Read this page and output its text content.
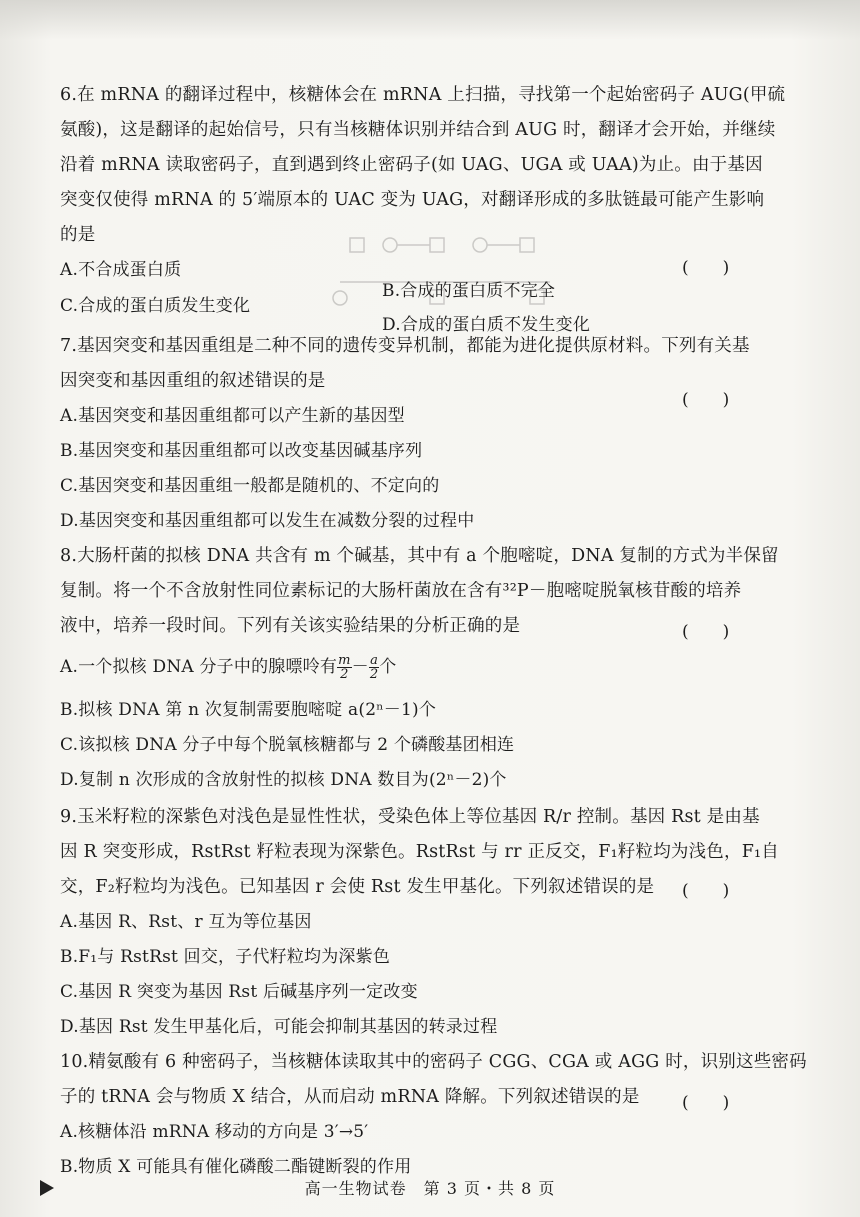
6.在 mRNA 的翻译过程中，核糖体会在 mRNA 上扫描，寻找第一个起始密码子 AUG(甲硫
氨酸)，这是翻译的起始信号，只有当核糖体识别并结合到 AUG 时，翻译才会开始，并继续
沿着 mRNA 读取密码子，直到遇到终止密码子(如 UAG、UGA 或 UAA)为止。由于基因
突变仅使得 mRNA 的 5′端原本的 UAC 变为 UAG，对翻译形成的多肽链最可能产生影响
的是
(　　)
A.不合成蛋白质
B.合成的蛋白质不完全
C.合成的蛋白质发生变化
D.合成的蛋白质不发生变化
7.基因突变和基因重组是二种不同的遗传变异机制，都能为进化提供原材料。下列有关基
因突变和基因重组的叙述错误的是
(　　)
A.基因突变和基因重组都可以产生新的基因型
B.基因突变和基因重组都可以改变基因碱基序列
C.基因突变和基因重组一般都是随机的、不定向的
D.基因突变和基因重组都可以发生在减数分裂的过程中
8.大肠杆菌的拟核 DNA 共含有 m 个碱基，其中有 a 个胞嘧啶，DNA 复制的方式为半保留
复制。将一个不含放射性同位素标记的大肠杆菌放在含有³²P－胞嘧啶脱氧核苷酸的培养
液中，培养一段时间。下列有关该实验结果的分析正确的是	(　　)
A.一个拟核 DNA 分子中的腺嘌呤有 $\frac{m}{2} - \frac{a}{2}$ 个
B.拟核 DNA 第 n 次复制需要胞嘧啶 a(2ⁿ－1)个
C.该拟核 DNA 分子中每个脱氧核糖都与 2 个磷酸基团相连
D.复制 n 次形成的含放射性的拟核 DNA 数目为(2ⁿ－2)个
9.玉米籽粒的深紫色对浅色是显性性状，受染色体上等位基因 R/r 控制。基因 Rst 是由基
因 R 突变形成，RstRst 籽粒表现为深紫色。RstRst 与 rr 正反交，F₁籽粒均为浅色，F₁自
交，F₂籽粒均为浅色。已知基因 r 会使 Rst 发生甲基化。下列叙述错误的是 (　　)
A.基因 R、Rst、r 互为等位基因
B.F₁与 RstRst 回交，子代籽粒均为深紫色
C.基因 R 突变为基因 Rst 后碱基序列一定改变
D.基因 Rst 发生甲基化后，可能会抑制其基因的转录过程
10.精氨酸有 6 种密码子，当核糖体读取其中的密码子 CGG、CGA 或 AGG 时，识别这些密码
子的 tRNA 会与物质 X 结合，从而启动 mRNA 降解。下列叙述错误的是 (　　)
A.核糖体沿 mRNA 移动的方向是 3′→5′
B.物质 X 可能具有催化磷酸二酯键断裂的作用
高一生物试卷　第 3 页・共 8 页
